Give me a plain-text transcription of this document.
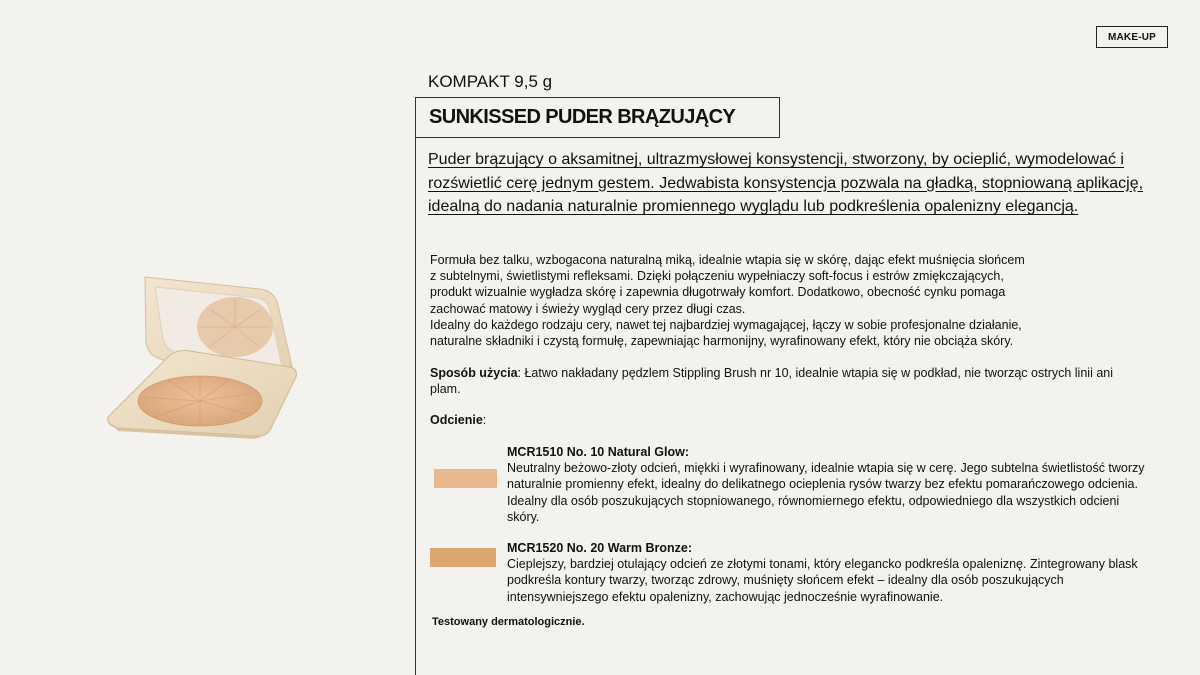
MAKE-UP
KOMPAKT 9,5 g
SUNKISSED PUDER BRĄZUJĄCY

Puder brązujący o aksamitnej, ultrazmysłowej konsystencji, stworzony, by ocieplić, wymodelować i rozświetlić cerę jednym gestem. Jedwabista konsystencja pozwala na gładką, stopniowaną aplikację, idealną do nadania naturalnie promiennego wyglądu lub podkreślenia opalenizny elegancją.

Formuła bez talku, wzbogacona naturalną miką, idealnie wtapia się w skórę, dając efekt muśnięcia słońcem
z subtelnymi, świetlistymi refleksami. Dzięki połączeniu wypełniaczy soft-focus i estrów zmiękczających,
produkt wizualnie wygładza skórę i zapewnia długotrwały komfort. Dodatkowo, obecność cynku pomaga
zachować matowy i świeży wygląd cery przez długi czas.
Idealny do każdego rodzaju cery, nawet tej najbardziej wymagającej, łączy w sobie profesjonalne działanie,
naturalne składniki i czystą formułę, zapewniając harmonijny, wyrafinowany efekt, który nie obciąża skóry.

Sposób użycia: Łatwo nakładany pędzlem Stippling Brush nr 10, idealnie wtapia się w podkład, nie tworząc ostrych linii ani plam.

Odcienie:

MCR1510 No. 10 Natural Glow:
Neutralny beżowo-złoty odcień, miękki i wyrafinowany, idealnie wtapia się w cerę. Jego subtelna świetlistość tworzy naturalnie promienny efekt, idealny do delikatnego ocieplenia rysów twarzy bez efektu pomarańczowego odcienia. Idealny dla osób poszukujących stopniowanego, równomiernego efektu, odpowiedniego dla wszystkich odcieni skóry.

MCR1520 No. 20 Warm Bronze:
Cieplejszy, bardziej otulający odcień ze złotymi tonami, który elegancko podkreśla opaleniznę. Zintegrowany blask podkreśla kontury twarzy, tworząc zdrowy, muśnięty słońcem efekt – idealny dla osób poszukujących intensywniejszego efektu opalenizny, zachowując jednocześnie wyrafinowanie.

Testowany dermatologicznie.
